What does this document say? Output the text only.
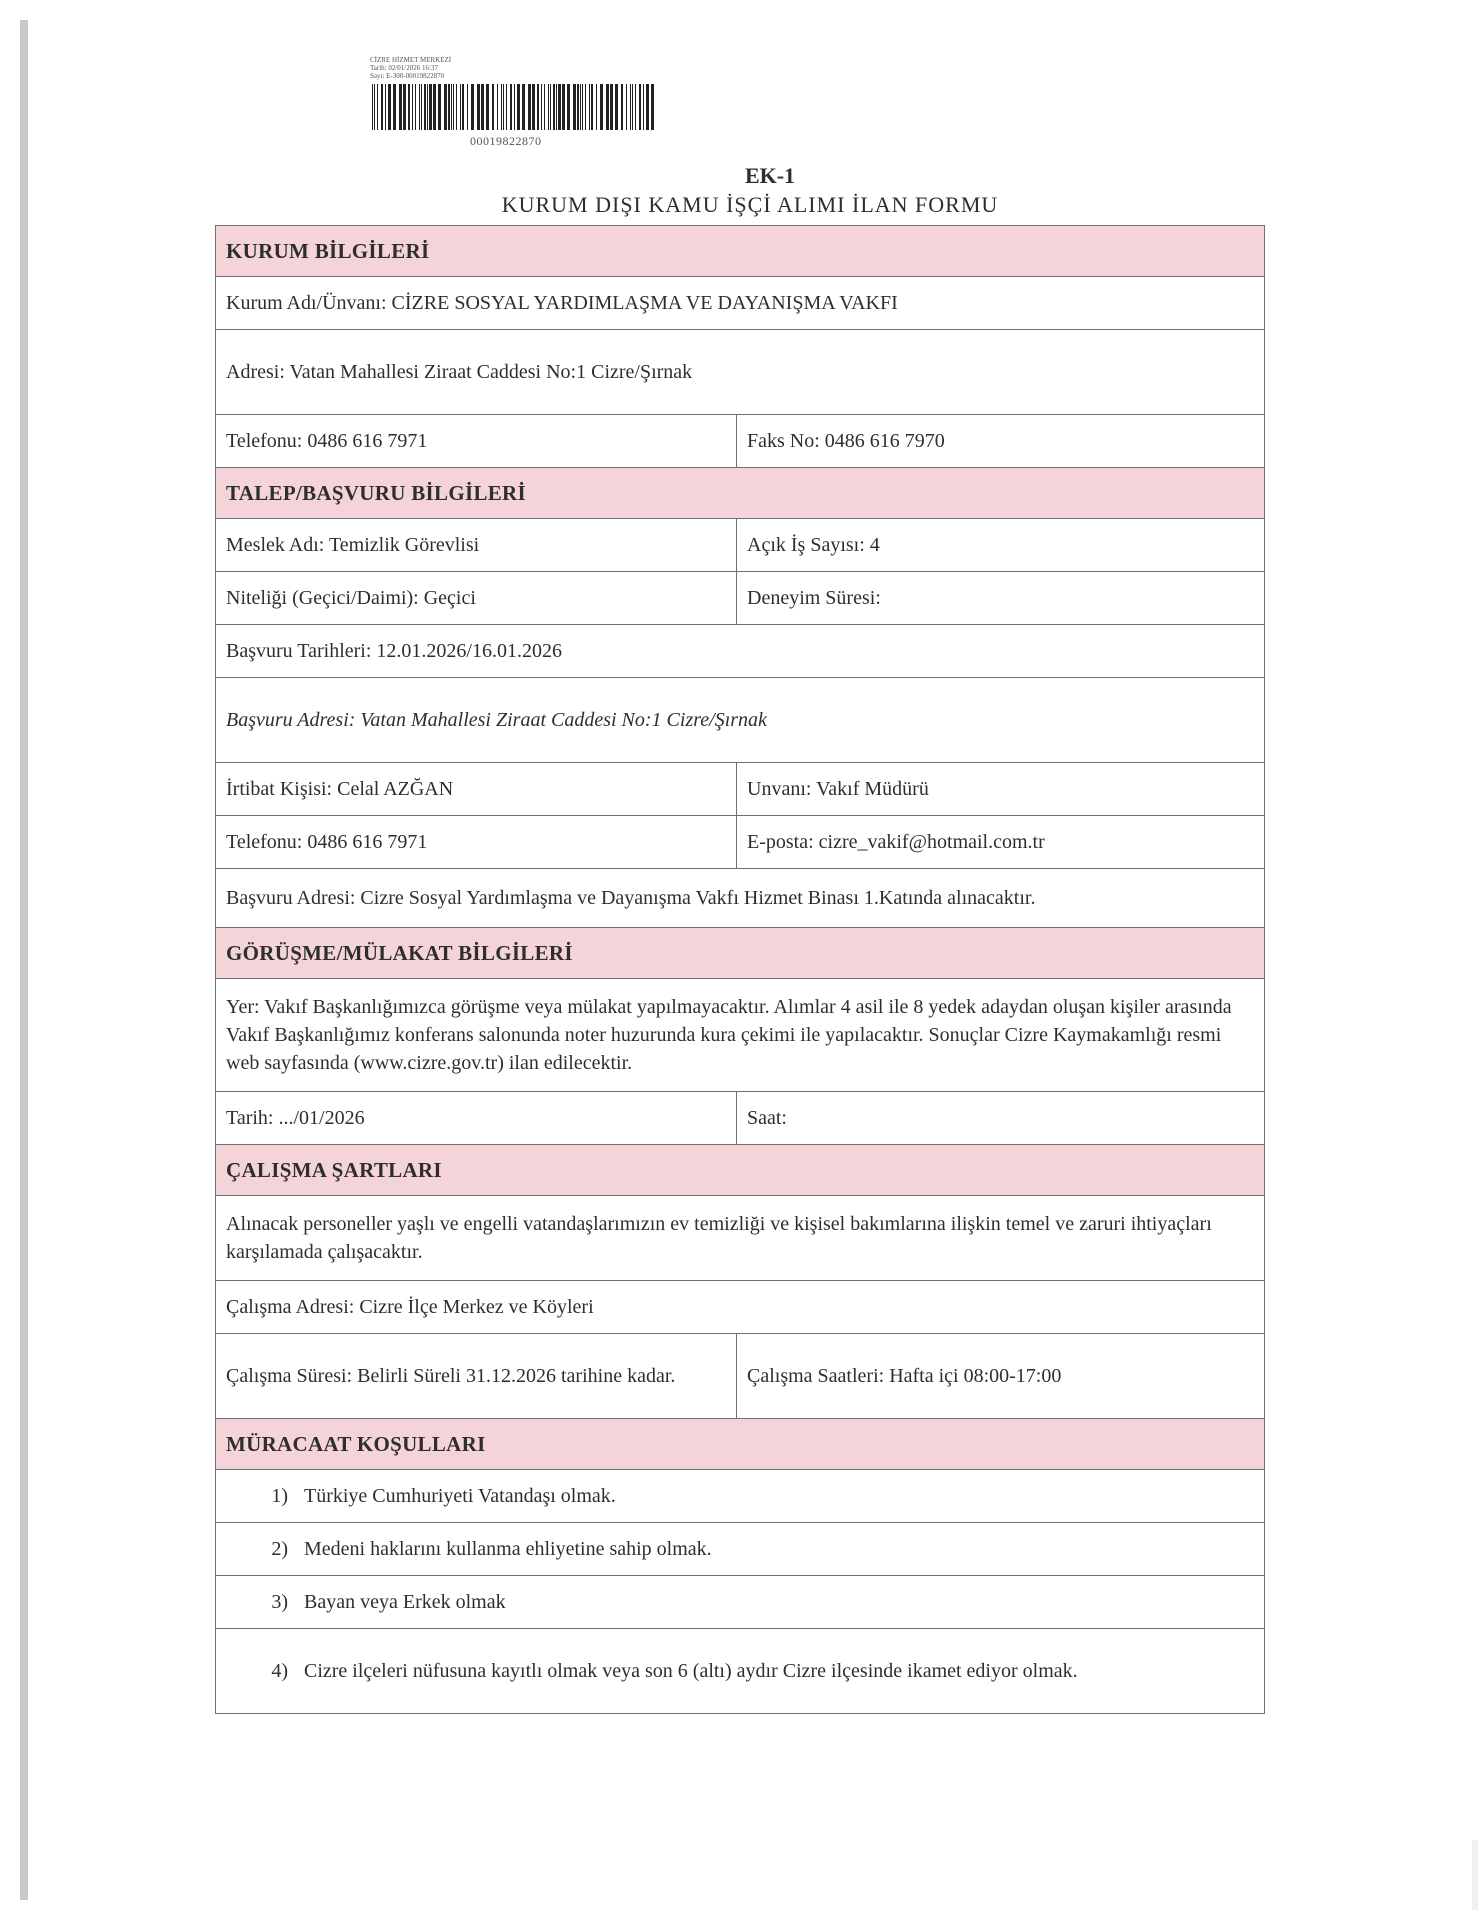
CİZRE HİZMET MERKEZİ
Tarih: 02/01/2026 16:37
Sayı: E-300-00019822870
00019822870
EK-1
KURUM DIŞI KAMU İŞÇİ ALIMI İLAN FORMU
KURUM BİLGİLERİ	
Kurum Adı/Ünvanı: CİZRE SOSYAL YARDIMLAŞMA VE DAYANIŞMA VAKFI	
Adresi: Vatan Mahallesi Ziraat Caddesi No:1 Cizre/Şırnak	
Telefonu: 0486 616 7971	Faks No: 0486 616 7970
TALEP/BAŞVURU BİLGİLERİ	
Meslek Adı: Temizlik Görevlisi	Açık İş Sayısı: 4
Niteliği (Geçici/Daimi): Geçici	Deneyim Süresi:
Başvuru Tarihleri: 12.01.2026/16.01.2026	
Başvuru Adresi: Vatan Mahallesi Ziraat Caddesi No:1 Cizre/Şırnak	
İrtibat Kişisi: Celal AZĞAN	Unvanı: Vakıf Müdürü
Telefonu: 0486 616 7971	E-posta: cizre_vakif@hotmail.com.tr
Başvuru Adresi: Cizre Sosyal Yardımlaşma ve Dayanışma Vakfı Hizmet Binası 1.Katında alınacaktır.	
GÖRÜŞME/MÜLAKAT BİLGİLERİ	
Yer: Vakıf Başkanlığımızca görüşme veya mülakat yapılmayacaktır. Alımlar 4 asil ile 8 yedek adaydan oluşan kişiler arasında Vakıf Başkanlığımız konferans salonunda noter huzurunda kura çekimi ile yapılacaktır. Sonuçlar Cizre Kaymakamlığı resmi web sayfasında (www.cizre.gov.tr) ilan edilecektir.	
Tarih: .../01/2026	Saat:
ÇALIŞMA ŞARTLARI	
Alınacak personeller yaşlı ve engelli vatandaşlarımızın ev temizliği ve kişisel bakımlarına ilişkin temel ve zaruri ihtiyaçları karşılamada çalışacaktır.	
Çalışma Adresi: Cizre İlçe Merkez ve Köyleri	
Çalışma Süresi: Belirli Süreli 31.12.2026 tarihine kadar.	Çalışma Saatleri: Hafta içi 08:00-17:00
MÜRACAAT KOŞULLARI	
1) Türkiye Cumhuriyeti Vatandaşı olmak.	
2) Medeni haklarını kullanma ehliyetine sahip olmak.	
3) Bayan veya Erkek olmak	
4) Cizre ilçeleri nüfusuna kayıtlı olmak veya son 6 (altı) aydır Cizre ilçesinde ikamet ediyor olmak.	
